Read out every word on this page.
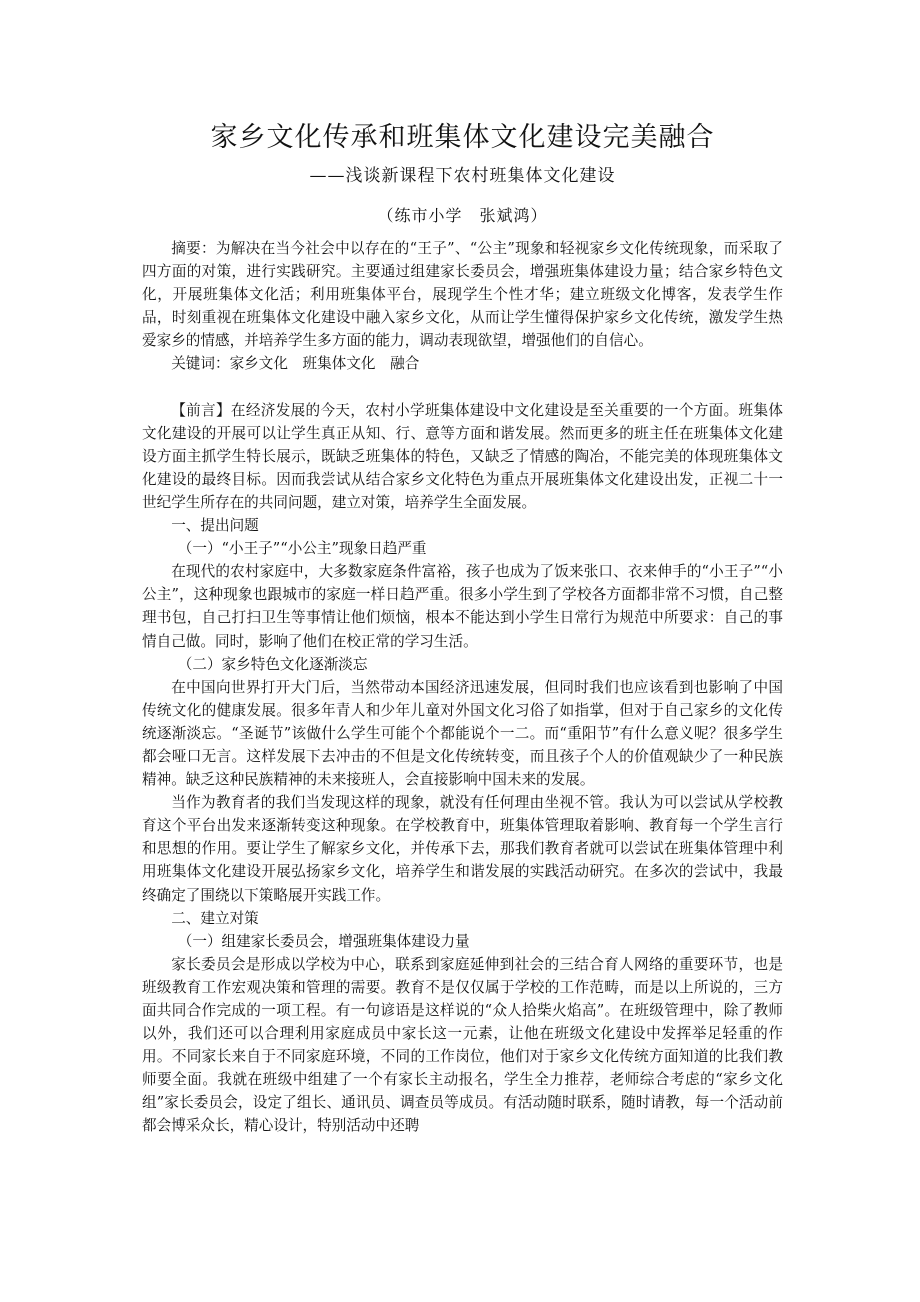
家乡文化传承和班集体文化建设完美融合
——浅谈新课程下农村班集体文化建设
（练市小学　张斌鸿）

摘要：为解决在当今社会中以存在的“王子”、“公主”现象和轻视家乡文化传统现象，而采取了四方面的对策，进行实践研究。主要通过组建家长委员会，增强班集体建设力量；结合家乡特色文化，开展班集体文化活；利用班集体平台，展现学生个性才华；建立班级文化博客，发表学生作品，时刻重视在班集体文化建设中融入家乡文化，从而让学生懂得保护家乡文化传统，激发学生热爱家乡的情感，并培养学生多方面的能力，调动表现欲望，增强他们的自信心。

关键词：家乡文化　班集体文化　融合

【前言】在经济发展的今天，农村小学班集体建设中文化建设是至关重要的一个方面。班集体文化建设的开展可以让学生真正从知、行、意等方面和谐发展。然而更多的班主任在班集体文化建设方面主抓学生特长展示，既缺乏班集体的特色，又缺乏了情感的陶冶，不能完美的体现班集体文化建设的最终目标。因而我尝试从结合家乡文化特色为重点开展班集体文化建设出发，正视二十一世纪学生所存在的共同问题，建立对策，培养学生全面发展。

一、提出问题

（一）“小王子”“小公主”现象日趋严重

在现代的农村家庭中，大多数家庭条件富裕，孩子也成为了饭来张口、衣来伸手的“小王子”“小公主”，这种现象也跟城市的家庭一样日趋严重。很多小学生到了学校各方面都非常不习惯，自己整理书包，自己打扫卫生等事情让他们烦恼，根本不能达到小学生日常行为规范中所要求：自己的事情自己做。同时，影响了他们在校正常的学习生活。

（二）家乡特色文化逐渐淡忘

在中国向世界打开大门后，当然带动本国经济迅速发展，但同时我们也应该看到也影响了中国传统文化的健康发展。很多年青人和少年儿童对外国文化习俗了如指掌，但对于自己家乡的文化传统逐渐淡忘。“圣诞节”该做什么学生可能个个都能说个一二。而“重阳节”有什么意义呢？很多学生都会哑口无言。这样发展下去冲击的不但是文化传统转变，而且孩子个人的价值观缺少了一种民族精神。缺乏这种民族精神的未来接班人，会直接影响中国未来的发展。

当作为教育者的我们当发现这样的现象，就没有任何理由坐视不管。我认为可以尝试从学校教育这个平台出发来逐渐转变这种现象。在学校教育中，班集体管理取着影响、教育每一个学生言行和思想的作用。要让学生了解家乡文化，并传承下去，那我们教育者就可以尝试在班集体管理中利用班集体文化建设开展弘扬家乡文化，培养学生和谐发展的实践活动研究。在多次的尝试中，我最终确定了围绕以下策略展开实践工作。

二、建立对策

（一）组建家长委员会，增强班集体建设力量

家长委员会是形成以学校为中心，联系到家庭延伸到社会的三结合育人网络的重要环节，也是班级教育工作宏观决策和管理的需要。教育不是仅仅属于学校的工作范畴，而是以上所说的，三方面共同合作完成的一项工程。有一句谚语是这样说的“众人拾柴火焰高”。在班级管理中，除了教师以外，我们还可以合理利用家庭成员中家长这一元素，让他在班级文化建设中发挥举足轻重的作用。不同家长来自于不同家庭环境，不同的工作岗位，他们对于家乡文化传统方面知道的比我们教师要全面。我就在班级中组建了一个有家长主动报名，学生全力推荐，老师综合考虑的“家乡文化组”家长委员会，设定了组长、通讯员、调查员等成员。有活动随时联系，随时请教，每一个活动前都会博采众长，精心设计，特别活动中还聘
